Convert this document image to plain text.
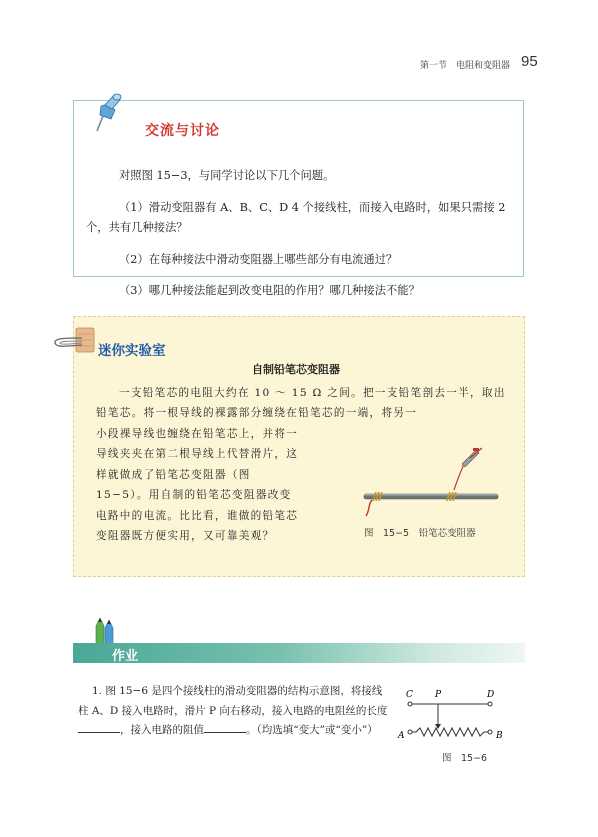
第一节　电阻和变阻器 95
交流与讨论

对照图 15−3，与同学讨论以下几个问题。

（1）滑动变阻器有 A、B、C、D 4 个接线柱，而接入电路时，如果只需接 2 个，共有几种接法？

（2）在每种接法中滑动变阻器上哪些部分有电流通过？

（3）哪几种接法能起到改变电阻的作用？哪几种接法不能？

迷你实验室
自制铅笔芯变阻器
一支铅笔芯的电阻大约在 10 ～ 15 Ω 之间。把一支铅笔剖去一半，取出铅笔芯。将一根导线的裸露部分缠绕在铅笔芯的一端，将另一
小段裸导线也缠绕在铅笔芯上，并将一导线夹夹在第二根导线上代替滑片，这样就做成了铅笔芯变阻器（图 15−5）。用自制的铅笔芯变阻器改变电路中的电流。比比看，谁做的铅笔芯变阻器既方便实用，又可靠美观？	图　15−5　铅笔芯变阻器
作业
1. 图 15−6 是四个接线柱的滑动变阻器的结构示意图，将接线柱 A、D 接入电路时，滑片 P 向右移动，接入电路的电阻丝的长度，接入电路的阻值	。（均选填“变大”或“变小”）
C P	D
A	B
图　15−6
